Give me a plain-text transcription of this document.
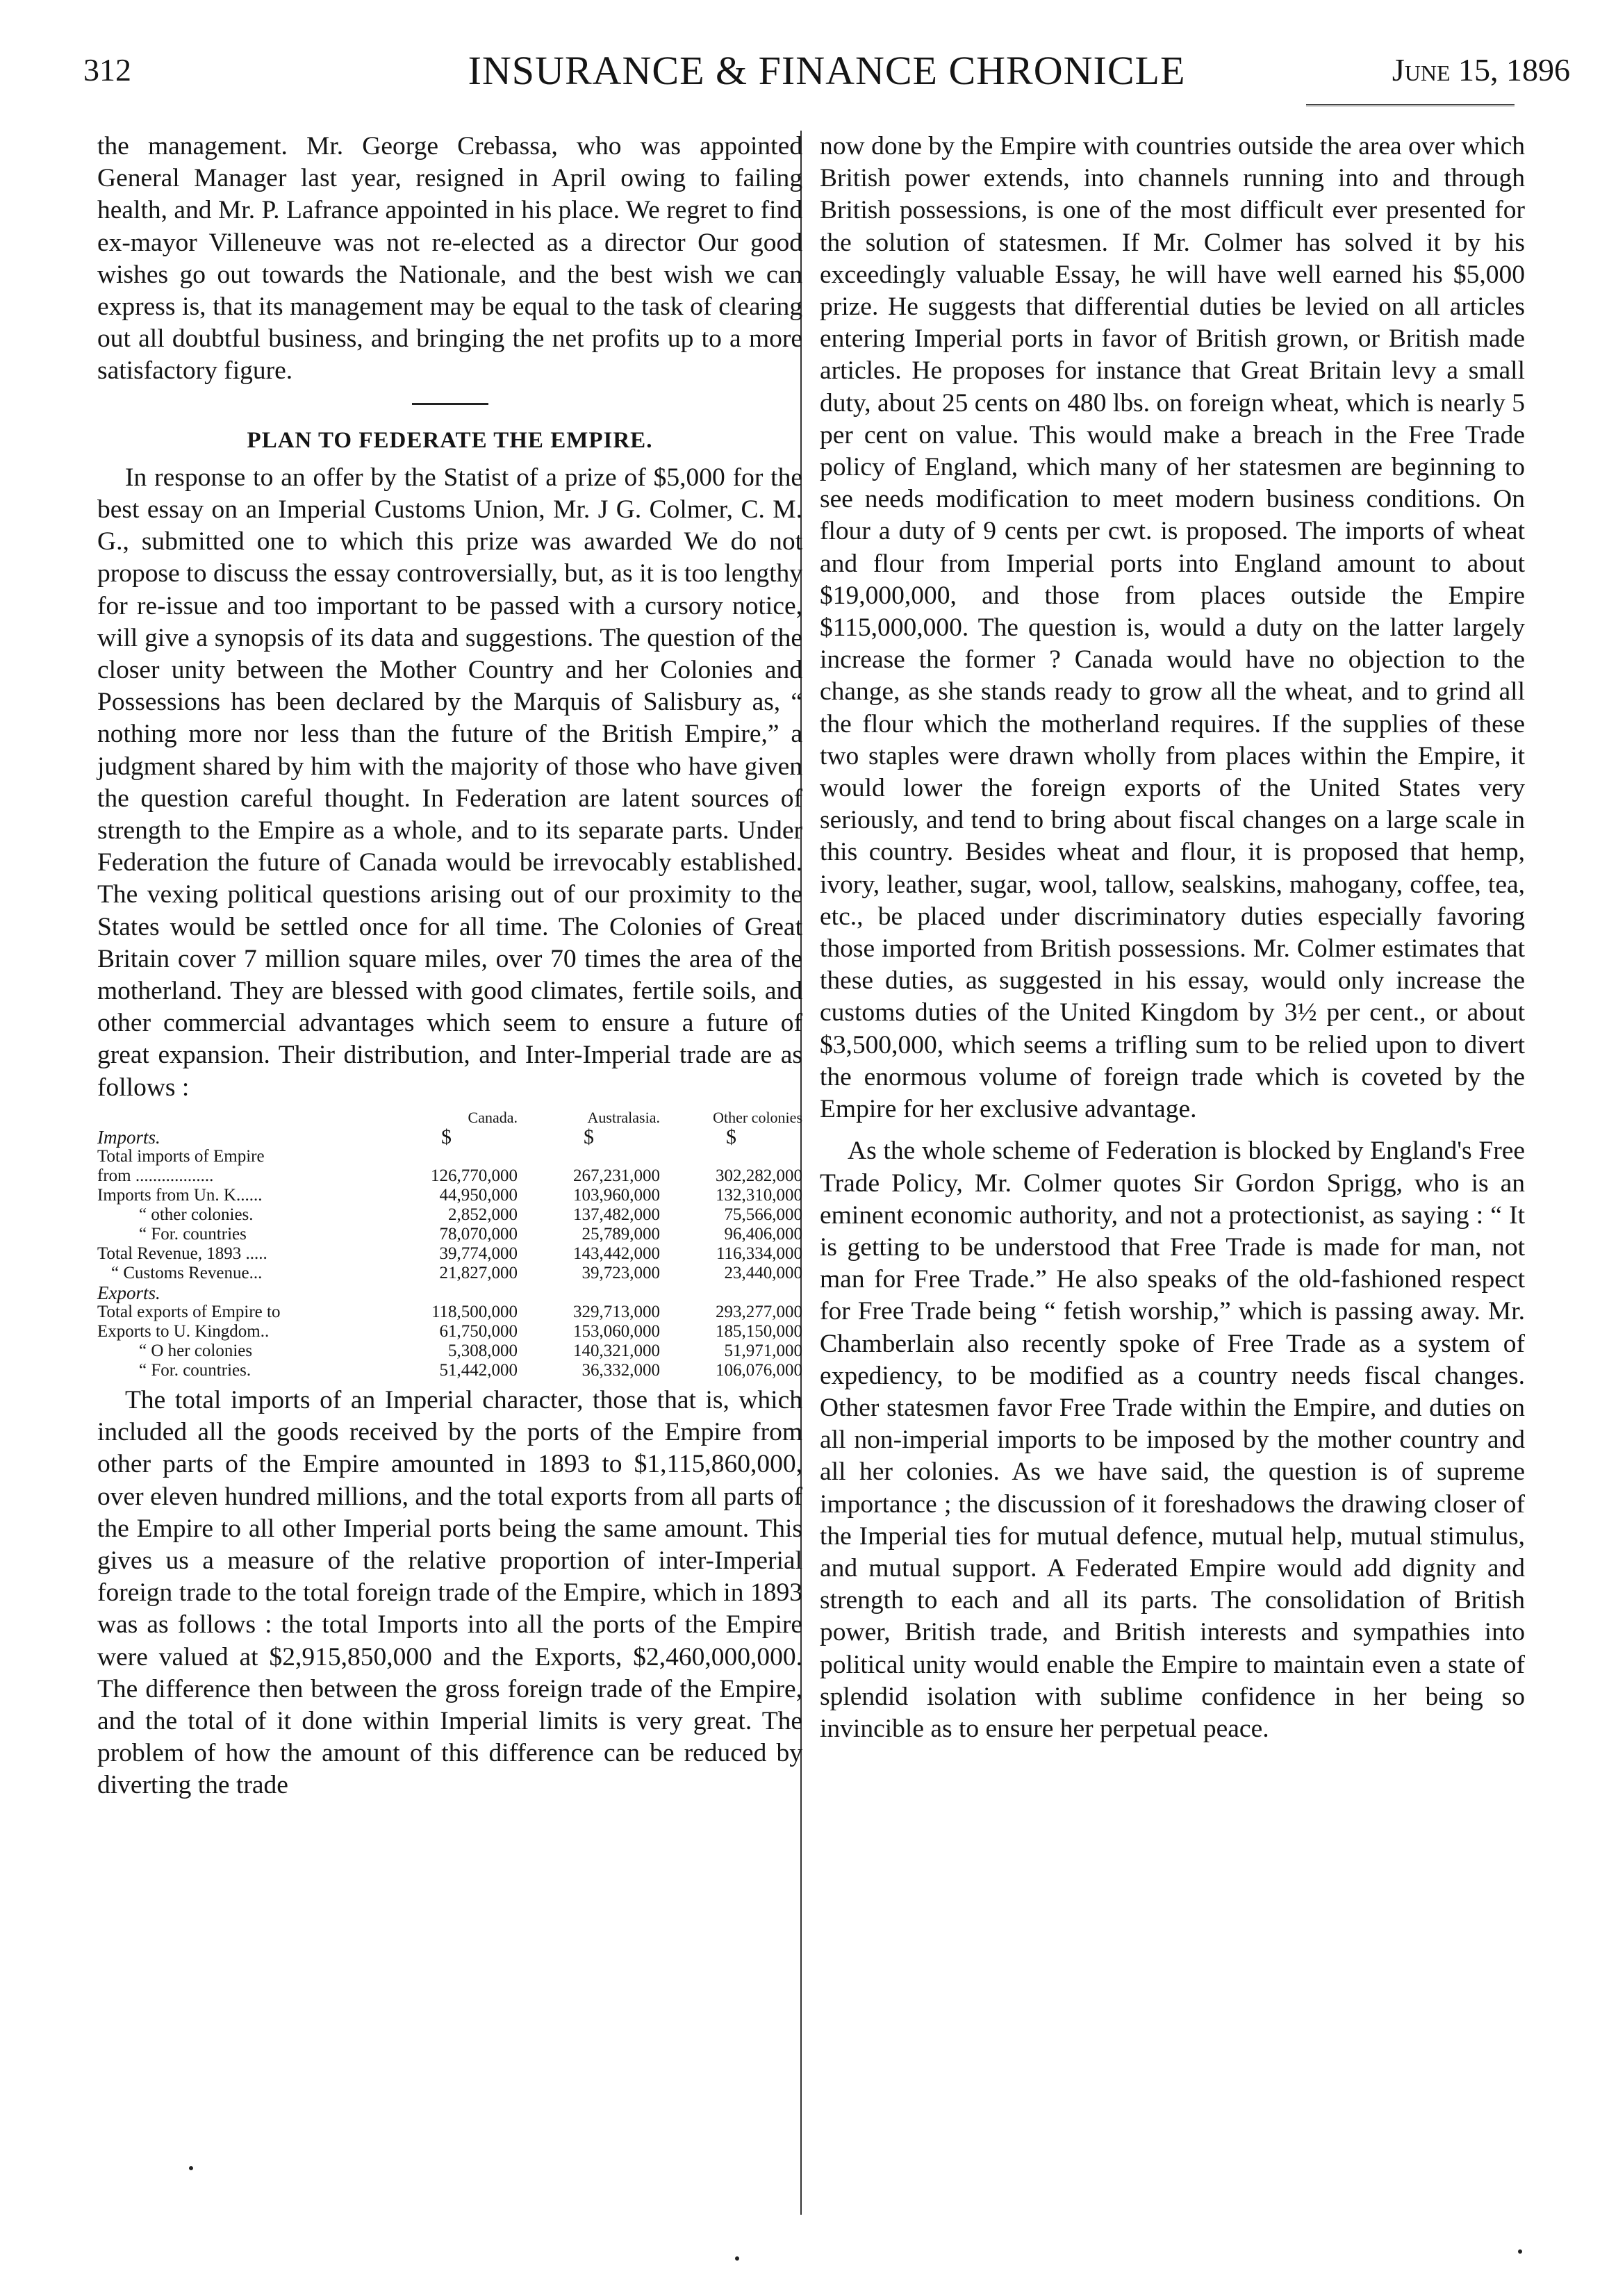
312	INSURANCE & FINANCE CHRONICLE	June 15, 1896

the management. Mr. George Crebassa, who was appointed General Manager last year, resigned in April owing to failing health, and Mr. P. Lafrance appointed in his place. We regret to find ex-mayor Villeneuve was not re-elected as a director Our good wishes go out towards the Nationale, and the best wish we can express is, that its management may be equal to the task of clearing out all doubtful business, and bringing the net profits up to a more satisfactory figure.

PLAN TO FEDERATE THE EMPIRE.

In response to an offer by the Statist of a prize of $5,000 for the best essay on an Imperial Customs Union, Mr. J G. Colmer, C. M. G., submitted one to which this prize was awarded We do not propose to discuss the essay controversially, but, as it is too lengthy for re-issue and too important to be passed with a cursory notice, will give a synopsis of its data and suggestions. The question of the closer unity between the Mother Country and her Colonies and Possessions has been declared by the Marquis of Salisbury as, “ nothing more nor less than the future of the British Empire,” a judgment shared by him with the majority of those who have given the question careful thought. In Federation are latent sources of strength to the Empire as a whole, and to its separate parts. Under Federation the future of Canada would be irrevocably established. The vexing political questions arising out of our proximity to the States would be settled once for all time. The Colonies of Great Britain cover 7 million square miles, over 70 times the area of the motherland. They are blessed with good climates, fertile soils, and other commercial advantages which seem to ensure a future of great expansion. Their distribution, and Inter-Imperial trade are as follows :

	Canada.	Australasia.	Other colonies
Imports.	$	$	$
Total imports of Empire			
from ..................	126,770,000	267,231,000	302,282,000
Imports from Un. K......	44,950,000	103,960,000	132,310,000
“ other colonies.	2,852,000	137,482,000	75,566,000
“ For. countries	78,070,000	25,789,000	96,406,000
Total Revenue, 1893 .....	39,774,000	143,442,000	116,334,000
“ Customs Revenue...	21,827,000	39,723,000	23,440,000
Exports.			
Total exports of Empire to	118,500,000	329,713,000	293,277,000
Exports to U. Kingdom..	61,750,000	153,060,000	185,150,000
“ O her colonies	5,308,000	140,321,000	51,971,000
“ For. countries.	51,442,000	36,332,000	106,076,000

The total imports of an Imperial character, those that is, which included all the goods received by the ports of the Empire from other parts of the Empire amounted in 1893 to $1,115,860,000, over eleven hundred millions, and the total exports from all parts of the Empire to all other Imperial ports being the same amount. This gives us a measure of the relative proportion of inter-Imperial foreign trade to the total foreign trade of the Empire, which in 1893 was as follows : the total Imports into all the ports of the Empire were valued at $2,915,850,000 and the Exports, $2,460,000,000. The difference then between the gross foreign trade of the Empire, and the total of it done within Imperial limits is very great. The problem of how the amount of this difference can be reduced by diverting the trade

now done by the Empire with countries outside the area over which British power extends, into channels running into and through British possessions, is one of the most difficult ever presented for the solution of statesmen. If Mr. Colmer has solved it by his exceedingly valuable Essay, he will have well earned his $5,000 prize. He suggests that differential duties be levied on all articles entering Imperial ports in favor of British grown, or British made articles. He proposes for instance that Great Britain levy a small duty, about 25 cents on 480 lbs. on foreign wheat, which is nearly 5 per cent on value. This would make a breach in the Free Trade policy of England, which many of her statesmen are beginning to see needs modification to meet modern business conditions. On flour a duty of 9 cents per cwt. is proposed. The imports of wheat and flour from Imperial ports into England amount to about $19,000,000, and those from places outside the Empire $115,000,000. The question is, would a duty on the latter largely increase the former ? Canada would have no objection to the change, as she stands ready to grow all the wheat, and to grind all the flour which the motherland requires. If the supplies of these two staples were drawn wholly from places within the Empire, it would lower the foreign exports of the United States very seriously, and tend to bring about fiscal changes on a large scale in this country. Besides wheat and flour, it is proposed that hemp, ivory, leather, sugar, wool, tallow, sealskins, mahogany, coffee, tea, etc., be placed under discriminatory duties especially favoring those imported from British possessions. Mr. Colmer estimates that these duties, as suggested in his essay, would only increase the customs duties of the United Kingdom by 3½ per cent., or about $3,500,000, which seems a trifling sum to be relied upon to divert the enormous volume of foreign trade which is coveted by the Empire for her exclusive advantage.

As the whole scheme of Federation is blocked by England's Free Trade Policy, Mr. Colmer quotes Sir Gordon Sprigg, who is an eminent economic authority, and not a protectionist, as saying : “ It is getting to be understood that Free Trade is made for man, not man for Free Trade.” He also speaks of the old-fashioned respect for Free Trade being “ fetish worship,” which is passing away. Mr. Chamberlain also recently spoke of Free Trade as a system of expediency, to be modified as a country needs fiscal changes. Other statesmen favor Free Trade within the Empire, and duties on all non-imperial imports to be imposed by the mother country and all her colonies. As we have said, the question is of supreme importance ; the discussion of it foreshadows the drawing closer of the Imperial ties for mutual defence, mutual help, mutual stimulus, and mutual support. A Federated Empire would add dignity and strength to each and all its parts. The consolidation of British power, British trade, and British interests and sympathies into political unity would enable the Empire to maintain even a state of splendid isolation with sublime confidence in her being so invincible as to ensure her perpetual peace.
